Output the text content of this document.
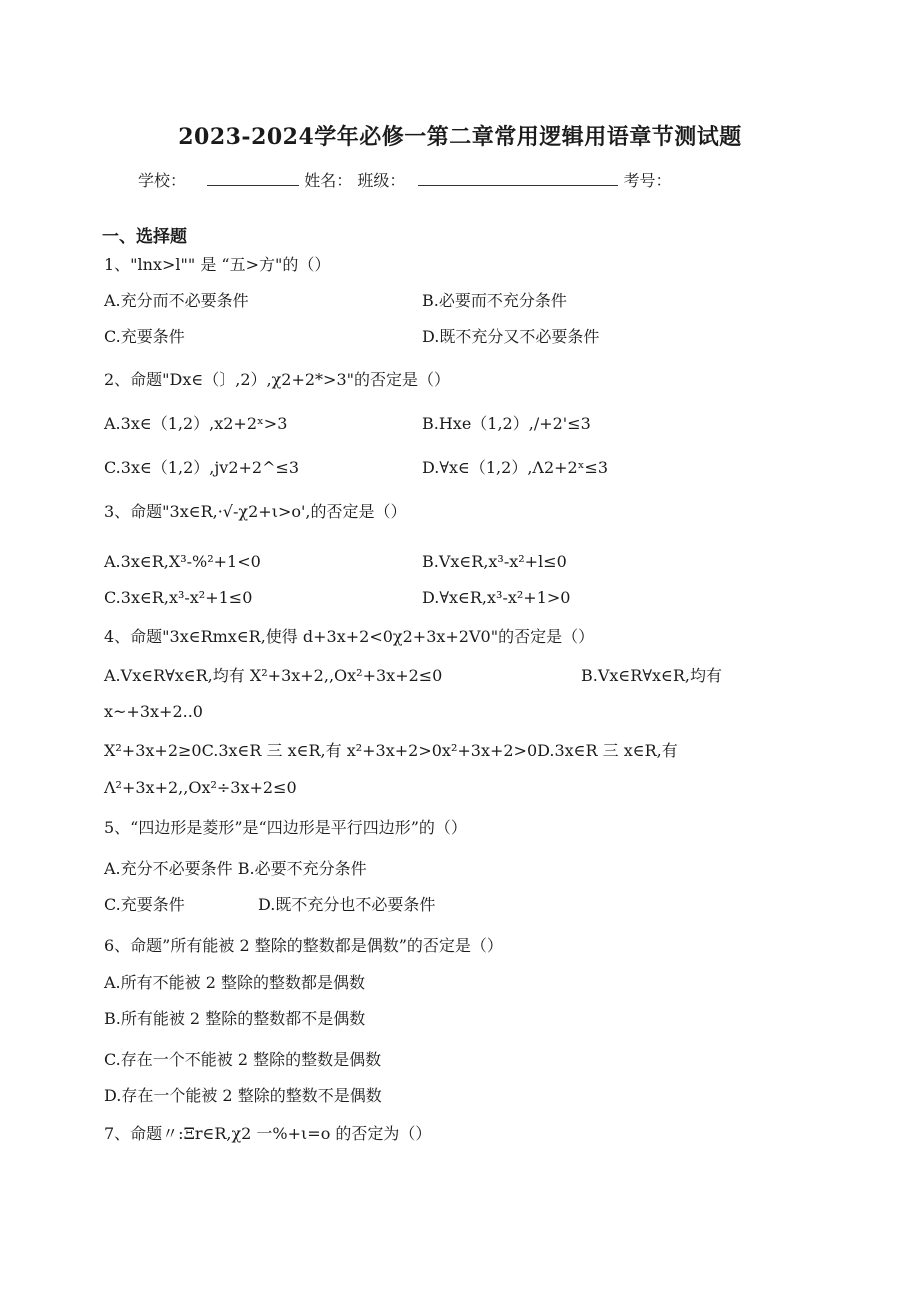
2023-2024学年必修一第二章常用逻辑用语章节测试题
学校：	姓名： 班级：	考号：
一、选择题
1、"lnx>l"" 是 “五>方"的（）
A.充分而不必要条件	B.必要而不充分条件
C.充要条件	D.既不充分又不必要条件
2、命题"Dx∈（〕,2）,χ2+2*>3"的否定是（）
A.3x∈（1,2）,x2+2ˣ>3	B.Hxe（1,2）,/+2'≤3
C.3x∈（1,2）,jv2+2^≤3	D.∀x∈（1,2）,Λ2+2ˣ≤3
3、命题"3x∈R,·√-χ2+ι>o',的否定是（）
A.3x∈R,X³-%²+1<0	B.Vx∈R,x³-x²+l≤0
C.3x∈R,x³-x²+1≤0	D.∀x∈R,x³-x²+1>0
4、命题"3x∈Rmx∈R,使得 d+3x+2<0χ2+3x+2V0"的否定是（）
A.Vx∈R∀x∈R,均有 X²+3x+2,,Ox²+3x+2≤0	B.Vx∈R∀x∈R,均有
x~+3x+2..0
X²+3x+2≥0C.3x∈R 三 x∈R,有 x²+3x+2>0x²+3x+2>0D.3x∈R 三 x∈R,有
Λ²+3x+2,,Ox²÷3x+2≤0
5、“四边形是菱形”是“四边形是平行四边形”的（）
A.充分不必要条件 B.必要不充分条件
C.充要条件	D.既不充分也不必要条件
6、命题”所有能被 2 整除的整数都是偶数”的否定是（）
A.所有不能被 2 整除的整数都是偶数
B.所有能被 2 整除的整数都不是偶数
C.存在一个不能被 2 整除的整数是偶数
D.存在一个能被 2 整除的整数不是偶数
7、命题〃:Ξr∈R,χ2 一%+ι=o 的否定为（）
